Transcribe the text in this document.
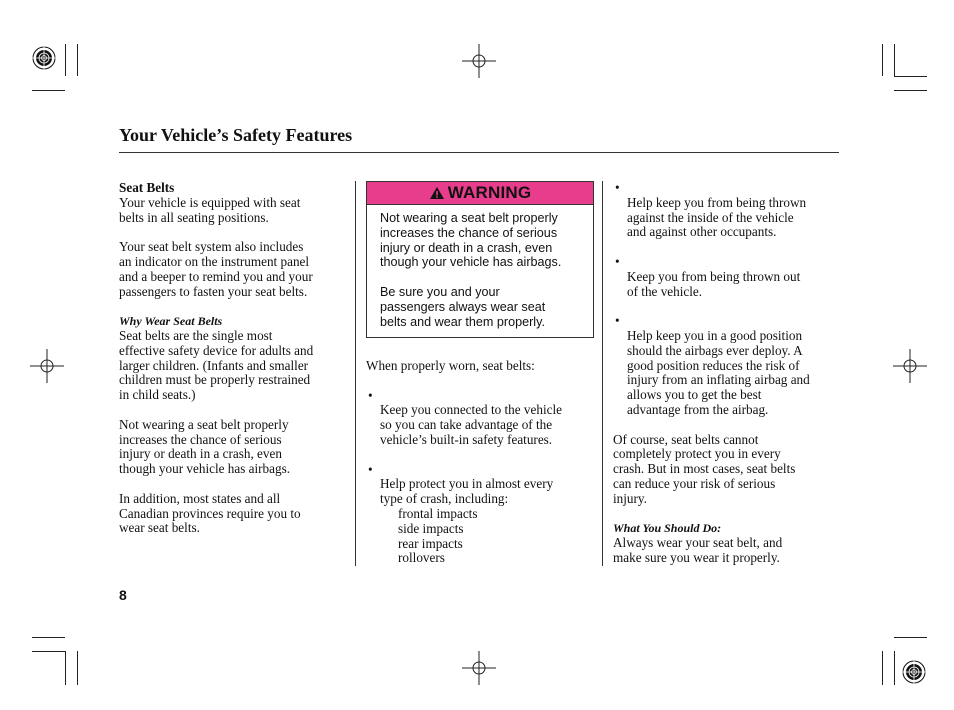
Your Vehicle’s Safety Features
Seat Belts

Your vehicle is equipped with seat
belts in all seating positions.

Your seat belt system also includes
an indicator on the instrument panel
and a beeper to remind you and your
passengers to fasten your seat belts.

Why Wear Seat Belts

Seat belts are the single most
effective safety device for adults and
larger children. (Infants and smaller
children must be properly restrained
in child seats.)

Not wearing a seat belt properly
increases the chance of serious
injury or death in a crash, even
though your vehicle has airbags.

In addition, most states and all
Canadian provinces require you to
wear seat belts.

WARNING

Not wearing a seat belt properly
increases the chance of serious
injury or death in a crash, even
though your vehicle has airbags.

Be sure you and your
passengers always wear seat
belts and wear them properly.

When properly worn, seat belts:

•
Keep you connected to the vehicle
so you can take advantage of the
vehicle’s built-in safety features.

•
Help protect you in almost every
type of crash, including:

frontal impacts
side impacts
rear impacts
rollovers

•
Help keep you from being thrown
against the inside of the vehicle
and against other occupants.

•
Keep you from being thrown out
of the vehicle.

•
Help keep you in a good position
should the airbags ever deploy. A
good position reduces the risk of
injury from an inflating airbag and
allows you to get the best
advantage from the airbag.

Of course, seat belts cannot
completely protect you in every
crash. But in most cases, seat belts
can reduce your risk of serious
injury.

What You Should Do:

Always wear your seat belt, and
make sure you wear it properly.

8
